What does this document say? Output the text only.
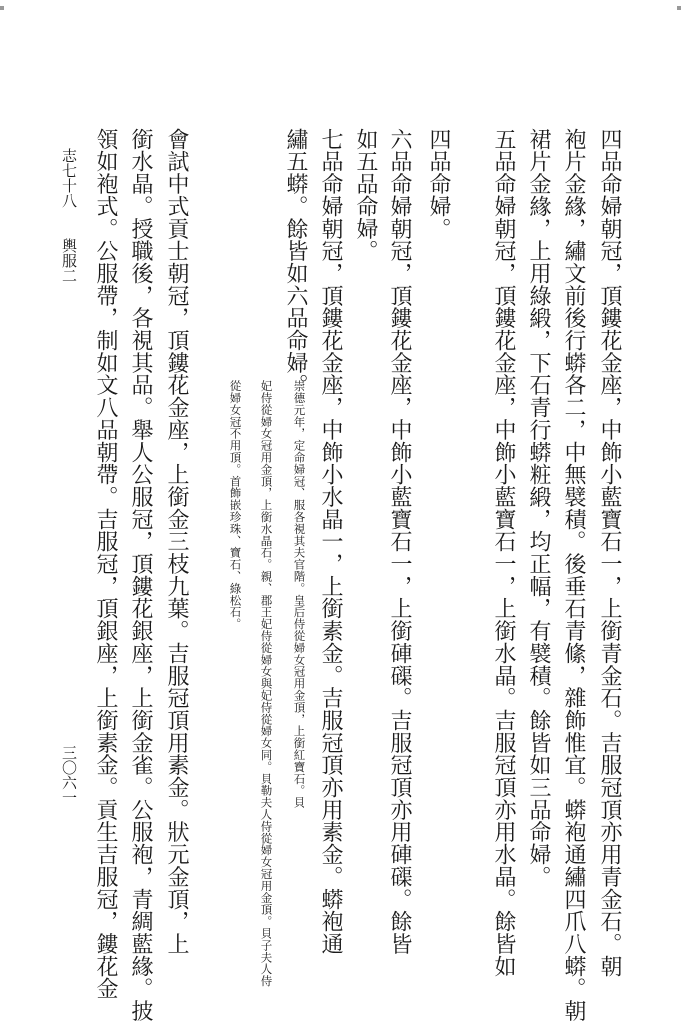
四品命婦朝冠，頂鏤花金座，中飾小藍寶石一，上銜青金石。吉服冠頂亦用青金石。朝
袍片金緣，繡文前後行蟒各二，中無襞積。後垂石青絛，雜飾惟宜。蟒袍通繡四爪八蟒。朝
裙片金緣，上用綠緞，下石青行蟒粧緞，均正幅，有襞積。餘皆如三品命婦。
五品命婦朝冠，頂鏤花金座，中飾小藍寶石一，上銜水晶。吉服冠頂亦用水晶。餘皆如
四品命婦。
六品命婦朝冠，頂鏤花金座，中飾小藍寶石一，上銜硨磲。吉服冠頂亦用硨磲。餘皆
如五品命婦。
七品命婦朝冠，頂鏤花金座，中飾小水晶一，上銜素金。吉服冠頂亦用素金。蟒袍通
繡五蟒。餘皆如六品命婦。
崇德元年，定命婦冠、服各視其夫官階。皇后侍從婦女冠用金頂，上銜紅寶石。貝
妃侍從婦女冠用金頂，上銜水晶石。親、郡王妃侍從婦女與妃侍從婦女同。貝勒夫人侍從婦女冠用金頂。貝子夫人侍
從婦女冠不用頂。首飾嵌珍珠、寶石、綠松石。
會試中式貢士朝冠，頂鏤花金座，上銜金三枝九葉。吉服冠頂用素金。狀元金頂，上
銜水晶。授職後，各視其品。舉人公服冠，頂鏤花銀座，上銜金雀。公服袍，青綢藍緣。披
領如袍式。公服帶，制如文八品朝帶。吉服冠，頂銀座，上銜素金。貢生吉服冠，鏤花金
志七十八
輿服二
三〇六一
